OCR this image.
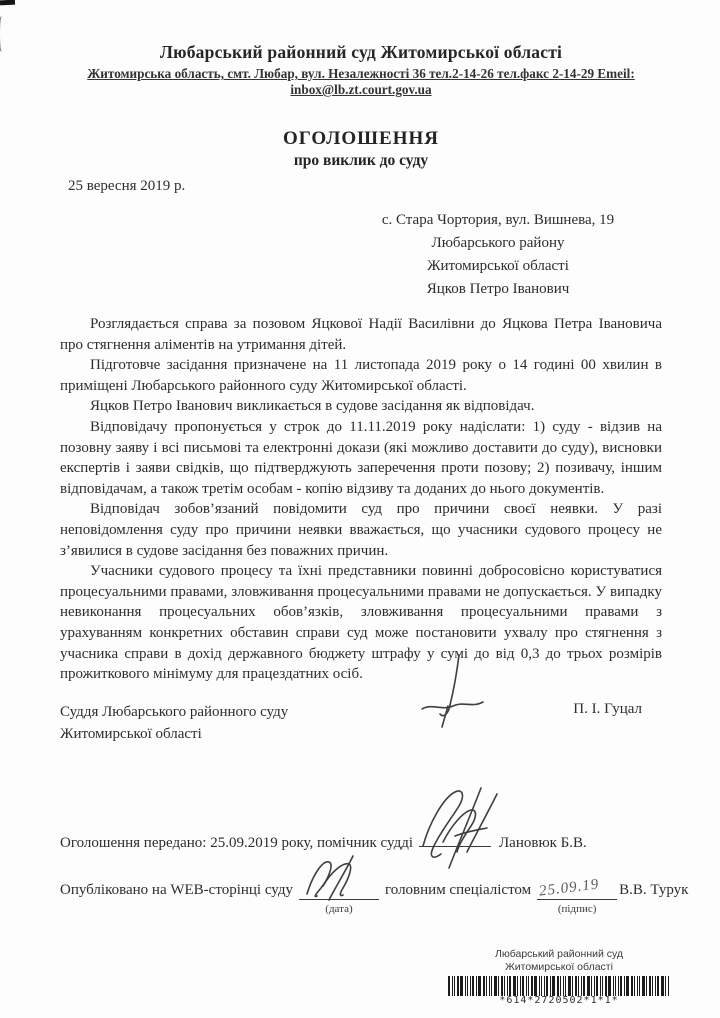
Любарський районний суд Житомирської області
Житомирська область, смт. Любар, вул. Незалежності 36 тел.2-14-26 тел.факс 2-14-29 Emeil: inbox@lb.zt.court.gov.ua
ОГОЛОШЕННЯ
про виклик до суду
25 вересня 2019 р.
с. Стара Чортория, вул. Вишнева, 19
Любарського району
Житомирської області
Яцков Петро Іванович

Розглядається справа за позовом Яцкової Надії Василівни до Яцкова Петра Івановича про стягнення аліментів на утримання дітей.

Підготовче засідання призначене на 11 листопада 2019 року о 14 годині 00 хвилин в приміщені Любарського районного суду Житомирської області.

Яцков Петро Іванович викликається в судове засідання як відповідач.

Відповідачу пропонується у строк до 11.11.2019 року надіслати: 1) суду - відзив на позовну заяву і всі письмові та електронні докази (які можливо доставити до суду), висновки експертів і заяви свідків, що підтверджують заперечення проти позову; 2) позивачу, іншим відповідачам, а також третім особам - копію відзиву та доданих до нього документів.

Відповідач зобов’язаний повідомити суд про причини своєї неявки. У разі неповідомлення суду про причини неявки вважається, що учасники судового процесу не з’явилися в судове засідання без поважних причин.

Учасники судового процесу та їхні представники повинні добросовісно користуватися процесуальними правами, зловживання процесуальними правами не допускається. У випадку невиконання процесуальних обов’язків, зловживання процесуальними правами з урахуванням конкретних обставин справи суд може постановити ухвалу про стягнення з учасника справи в дохід державного бюджету штрафу у сумі до від 0,3 до трьох розмірів прожиткового мінімуму для працездатних осіб.

Суддя Любарського районного суду
Житомирської області
П. І. Гуцал
Оголошення передано: 25.09.2019 року, помічник судді	Лановюк Б.В.
Опубліковано на WEB-сторінці суду
(дата)
головним спеціалістом 25.09.19
(підпис)
В.В. Турук
Любарський районний суд
Житомирської області
*614*2720502*1*1*
